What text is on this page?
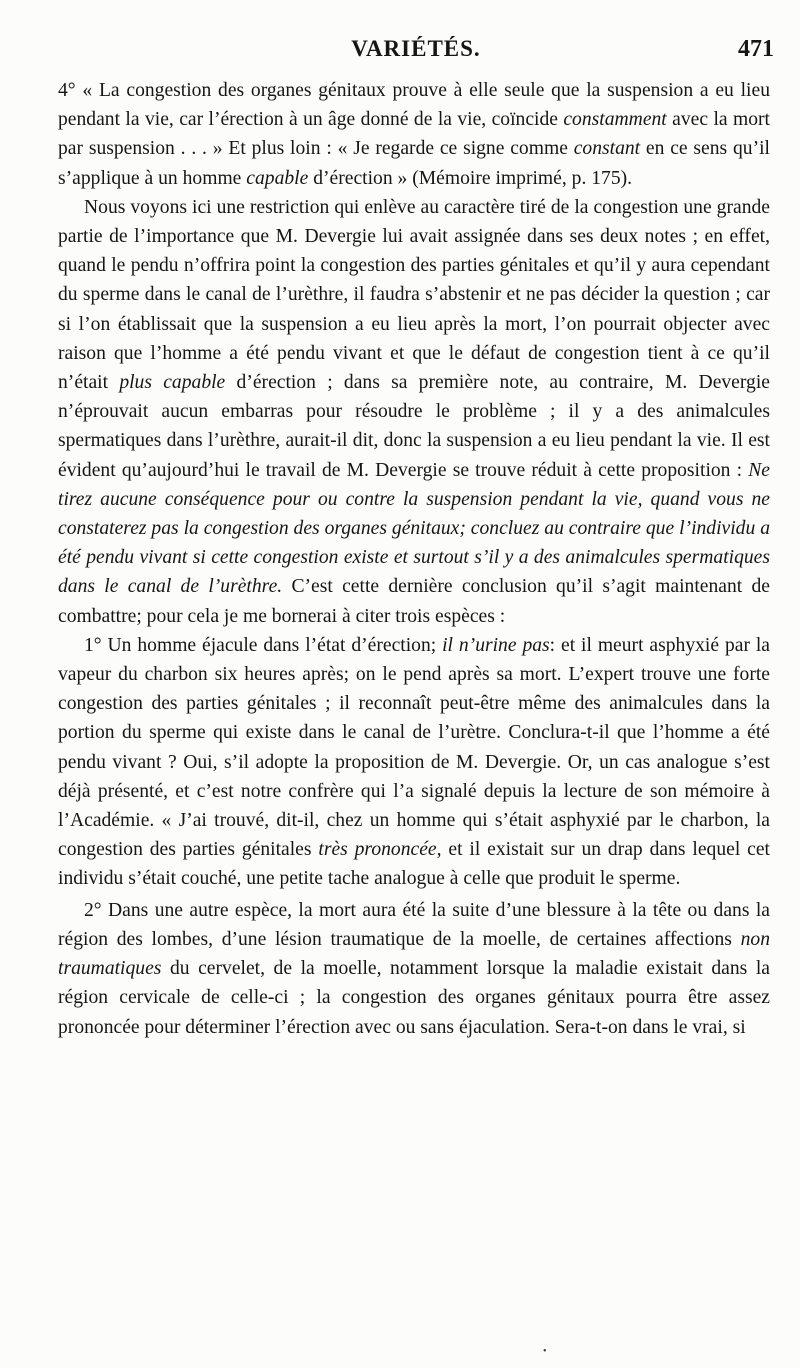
VARIÉTÉS.	471

4° « La congestion des organes génitaux prouve à elle seule que la suspension a eu lieu pendant la vie, car l’érection à un âge donné de la vie, coïncide constamment avec la mort par suspension . . . » Et plus loin : « Je regarde ce signe comme constant en ce sens qu’il s’applique à un homme capable d’érection » (Mémoire imprimé, p. 175).

Nous voyons ici une restriction qui enlève au caractère tiré de la congestion une grande partie de l’importance que M. Devergie lui avait assignée dans ses deux notes ; en effet, quand le pendu n’offrira point la congestion des parties génitales et qu’il y aura cependant du sperme dans le canal de l’urèthre, il faudra s’abstenir et ne pas décider la question ; car si l’on établissait que la suspension a eu lieu après la mort, l’on pourrait objecter avec raison que l’homme a été pendu vivant et que le défaut de congestion tient à ce qu’il n’était plus capable d’érection ; dans sa première note, au contraire, M. Devergie n’éprouvait aucun embarras pour résoudre le problème ; il y a des animalcules spermatiques dans l’urèthre, aurait-il dit, donc la suspension a eu lieu pendant la vie. Il est évident qu’aujourd’hui le travail de M. Devergie se trouve réduit à cette proposition : Ne tirez aucune conséquence pour ou contre la suspension pendant la vie, quand vous ne constaterez pas la congestion des organes génitaux; concluez au contraire que l’individu a été pendu vivant si cette congestion existe et surtout s’il y a des animalcules spermatiques dans le canal de l’urèthre. C’est cette dernière conclusion qu’il s’agit maintenant de combattre; pour cela je me bornerai à citer trois espèces :

1° Un homme éjacule dans l’état d’érection; il n’urine pas: et il meurt asphyxié par la vapeur du charbon six heures après; on le pend après sa mort. L’expert trouve une forte congestion des parties génitales ; il reconnaît peut-être même des animalcules dans la portion du sperme qui existe dans le canal de l’urètre. Conclura-t-il que l’homme a été pendu vivant ? Oui, s’il adopte la proposition de M. Devergie. Or, un cas analogue s’est déjà présenté, et c’est notre confrère qui l’a signalé depuis la lecture de son mémoire à l’Académie. « J’ai trouvé, dit-il, chez un homme qui s’était asphyxié par le charbon, la congestion des parties génitales très prononcée, et il existait sur un drap dans lequel cet individu s’était couché, une petite tache analogue à celle que produit le sperme.

2° Dans une autre espèce, la mort aura été la suite d’une blessure à la tête ou dans la région des lombes, d’une lésion traumatique de la moelle, de certaines affections non traumatiques du cervelet, de la moelle, notamment lorsque la maladie existait dans la région cervicale de celle-ci ; la congestion des organes génitaux pourra être assez prononcée pour déterminer l’érection avec ou sans éjaculation. Sera-t-on dans le vrai, si

•
